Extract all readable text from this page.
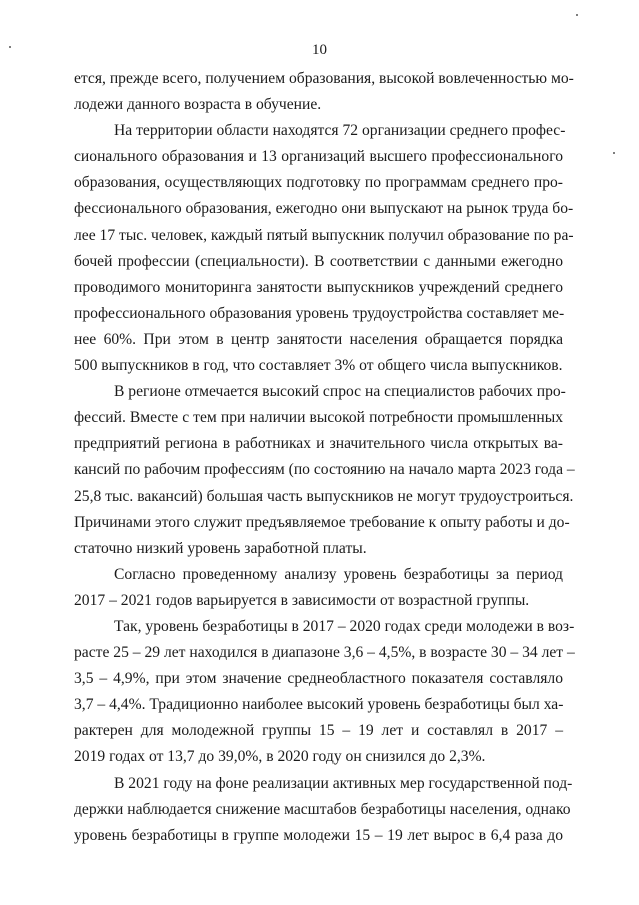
10
ется, прежде всего, получением образования, высокой вовлеченностью мо-
лодежи данного возраста в обучение.
На территории области находятся 72 организации среднего профес-
сионального образования и 13 организаций высшего профессионального
образования, осуществляющих подготовку по программам среднего про-
фессионального образования, ежегодно они выпускают на рынок труда бо-
лее 17 тыс. человек, каждый пятый выпускник получил образование по ра-
бочей профессии (специальности). В соответствии с данными ежегодно
проводимого мониторинга занятости выпускников учреждений среднего
профессионального образования уровень трудоустройства составляет ме-
нее 60%. При этом в центр занятости населения обращается порядка
500 выпускников в год, что составляет 3% от общего числа выпускников.
В регионе отмечается высокий спрос на специалистов рабочих про-
фессий. Вместе с тем при наличии высокой потребности промышленных
предприятий региона в работниках и значительного числа открытых ва-
кансий по рабочим профессиям (по состоянию на начало марта 2023 года –
25,8 тыс. вакансий) большая часть выпускников не могут трудоустроиться.
Причинами этого служит предъявляемое требование к опыту работы и до-
статочно низкий уровень заработной платы.
Согласно проведенному анализу уровень безработицы за период
2017 – 2021 годов варьируется в зависимости от возрастной группы.
Так, уровень безработицы в 2017 – 2020 годах среди молодежи в воз-
расте 25 – 29 лет находился в диапазоне 3,6 – 4,5%, в возрасте 30 – 34 лет –
3,5 – 4,9%, при этом значение среднеобластного показателя составляло
3,7 – 4,4%. Традиционно наиболее высокий уровень безработицы был ха-
рактерен для молодежной группы 15 – 19 лет и составлял в 2017 –
2019 годах от 13,7 до 39,0%, в 2020 году он снизился до 2,3%.
В 2021 году на фоне реализации активных мер государственной под-
держки наблюдается снижение масштабов безработицы населения, однако
уровень безработицы в группе молодежи 15 – 19 лет вырос в 6,4 раза до
